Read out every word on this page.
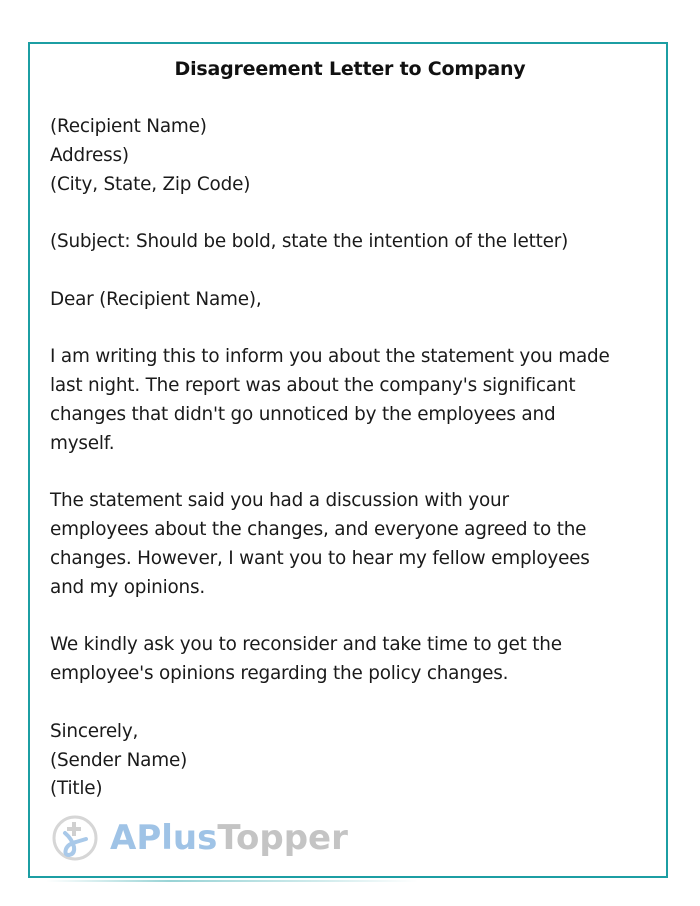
Disagreement Letter to Company
(Recipient Name)
Address)
(City, State, Zip Code)
(Subject: Should be bold, state the intention of the letter)
Dear (Recipient Name),
I am writing this to inform you about the statement you made
last night. The report was about the company's significant
changes that didn't go unnoticed by the employees and
myself.
The statement said you had a discussion with your
employees about the changes, and everyone agreed to the
changes. However, I want you to hear my fellow employees
and my opinions.
We kindly ask you to reconsider and take time to get the
employee's opinions regarding the policy changes.
Sincerely,
(Sender Name)
(Title)
APlusTopper
